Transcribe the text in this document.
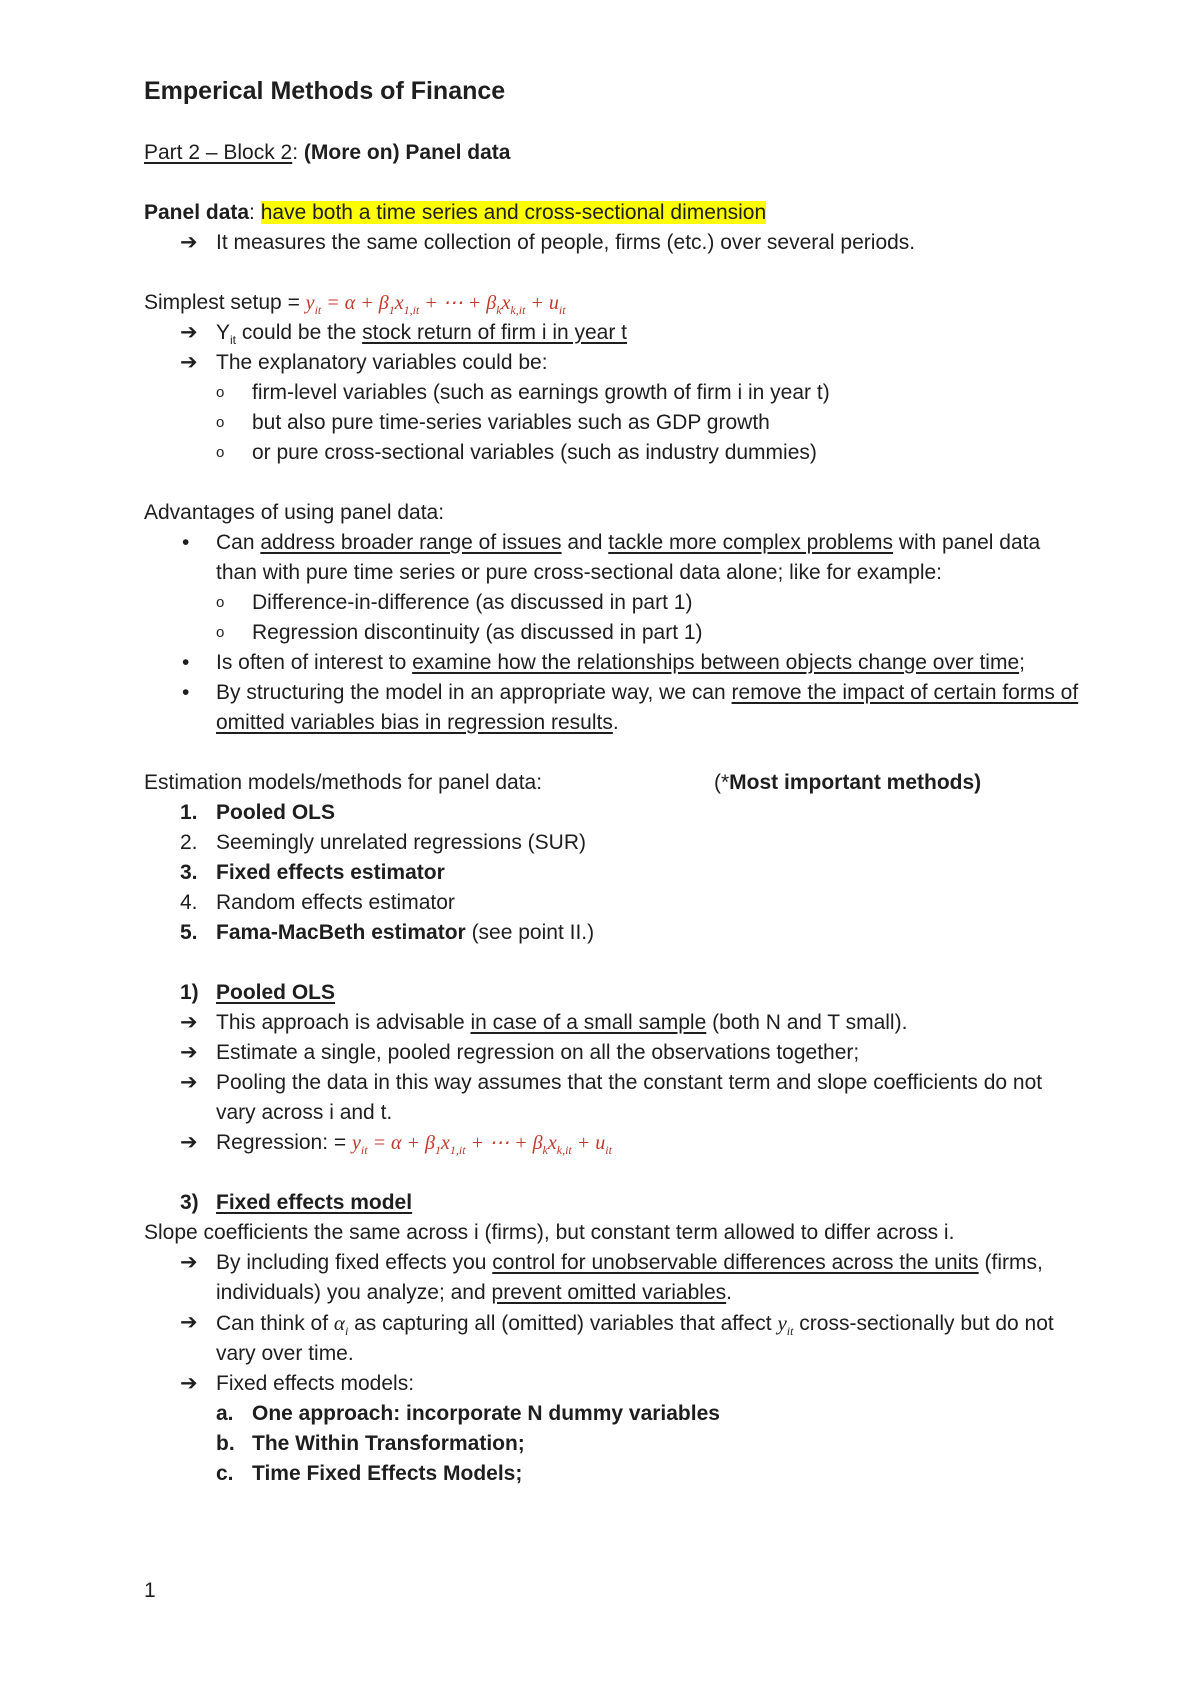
Emperical Methods of Finance

Part 2 – Block 2: (More on) Panel data

Panel data: have both a time series and cross-sectional dimension

➔ It measures the same collection of people, firms (etc.) over several periods.

Simplest setup = $y_{it} = \alpha + \beta_1x_{1,it}$ + ⋯ + $\beta_kx_{k,it} + u_{it}$

➔ $Y_{it}$ could be the stock return of firm i in year t
➔ The explanatory variables could be:
o firm-level variables (such as earnings growth of firm i in year t)
o but also pure time-series variables such as GDP growth
o or pure cross-sectional variables (such as industry dummies)

Advantages of using panel data:

• Can address broader range of issues and tackle more complex problems with panel data than with pure time series or pure cross-sectional data alone; like for example:
o Difference-in-difference (as discussed in part 1)
o Regression discontinuity (as discussed in part 1)
• Is often of interest to examine how the relationships between objects change over time;
• By structuring the model in an appropriate way, we can remove the impact of certain forms of omitted variables bias in regression results.
Estimation models/methods for panel data:	(*Most important methods)
1. Pooled OLS
2. Seemingly unrelated regressions (SUR)
3. Fixed effects estimator
4. Random effects estimator
5. Fama-MacBeth estimator (see point II.)
1) Pooled OLS
➔ This approach is advisable in case of a small sample (both N and T small).
➔ Estimate a single, pooled regression on all the observations together;
➔ Pooling the data in this way assumes that the constant term and slope coefficients do not vary across i and t.
➔ Regression: = $y_{it} = \alpha + \beta_1x_{1,it}$ + ⋯ + $\beta_kx_{k,it} + u_{it}$
3) Fixed effects model

Slope coefficients the same across i (firms), but constant term allowed to differ across i.

➔ By including fixed effects you control for unobservable differences across the units (firms, individuals) you analyze; and prevent omitted variables.
➔ Can think of $\alpha_i$ as capturing all (omitted) variables that affect $y_{it}$ cross-sectionally but do not vary over time.
➔ Fixed effects models:
a. One approach: incorporate N dummy variables
b. The Within Transformation;
c. Time Fixed Effects Models;
1
